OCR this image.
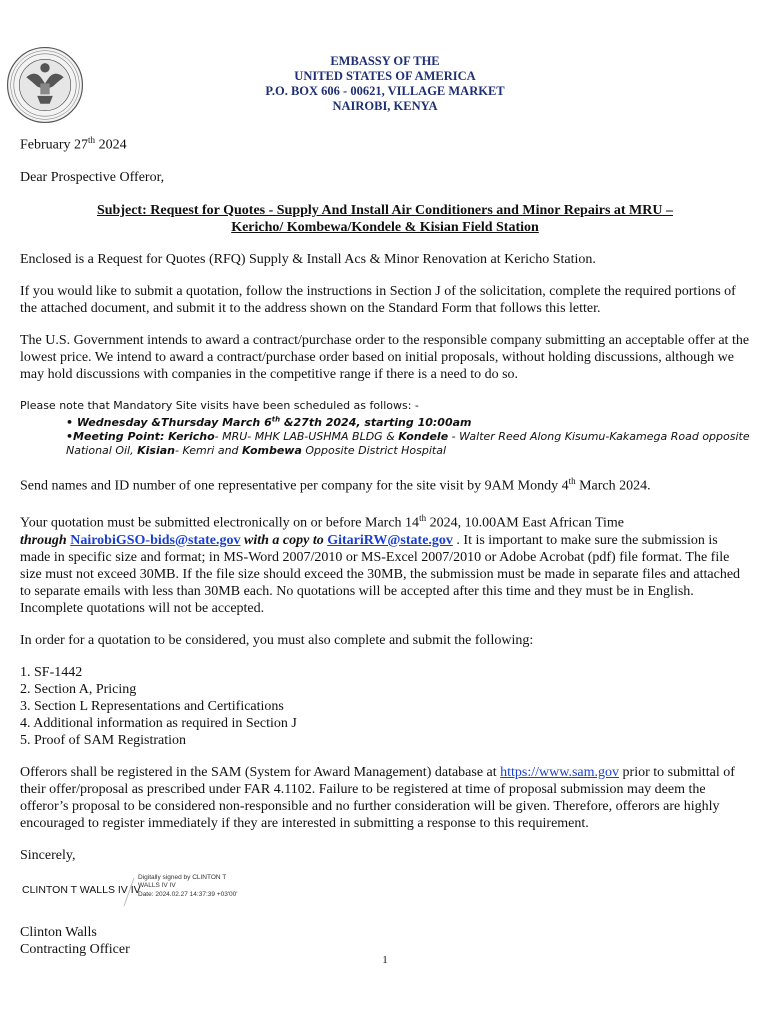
EMBASSY OF THE
UNITED STATES OF AMERICA
P.O. BOX 606 - 00621, VILLAGE MARKET
NAIROBI, KENYA

February 27th 2024

Dear Prospective Offeror,

Subject: Request for Quotes - Supply And Install Air Conditioners and Minor Repairs at MRU –
Kericho/ Kombewa/Kondele & Kisian Field Station

Enclosed is a Request for Quotes (RFQ) Supply & Install Acs & Minor Renovation at Kericho Station.

If you would like to submit a quotation, follow the instructions in Section J of the solicitation, complete the required portions of the attached document, and submit it to the address shown on the Standard Form that follows this letter.

The U.S. Government intends to award a contract/purchase order to the responsible company submitting an acceptable offer at the lowest price. We intend to award a contract/purchase order based on initial proposals, without holding discussions, although we may hold discussions with companies in the competitive range if there is a need to do so.

Please note that Mandatory Site visits have been scheduled as follows: -
• Wednesday &Thursday March 6th &27th 2024, starting 10:00am
•Meeting Point: Kericho- MRU- MHK LAB-USHMA BLDG & Kondele - Walter Reed Along Kisumu-Kakamega Road opposite National Oil, Kisian- Kemri and Kombewa Opposite District Hospital

Send names and ID number of one representative per company for the site visit by 9AM Mondy 4th March 2024.

Your quotation must be submitted electronically on or before March 14th 2024, 10.00AM East African Time
through NairobiGSO-bids@state.gov with a copy to GitariRW@state.gov . It is important to make sure the submission is made in specific size and format; in MS-Word 2007/2010 or MS-Excel 2007/2010 or Adobe Acrobat (pdf) file format. The file size must not exceed 30MB. If the file size should exceed the 30MB, the submission must be made in separate files and attached to separate emails with less than 30MB each. No quotations will be accepted after this time and they must be in English. Incomplete quotations will not be accepted.

In order for a quotation to be considered, you must also complete and submit the following:

1. SF-1442
2. Section A, Pricing
3. Section L Representations and Certifications
4. Additional information as required in Section J
5. Proof of SAM Registration

Offerors shall be registered in the SAM (System for Award Management) database at https://www.sam.gov prior to submittal of their offer/proposal as prescribed under FAR 4.1102. Failure to be registered at time of proposal submission may deem the offeror’s proposal to be considered non-responsible and no further consideration will be given. Therefore, offerors are highly encouraged to register immediately if they are interested in submitting a response to this requirement.

Sincerely,

CLINTON T WALLS IV IV
Digitally signed by CLINTON T
WALLS IV IV
Date: 2024.02.27 14:37:39 +03'00'
Clinton Walls
Contracting Officer
1
